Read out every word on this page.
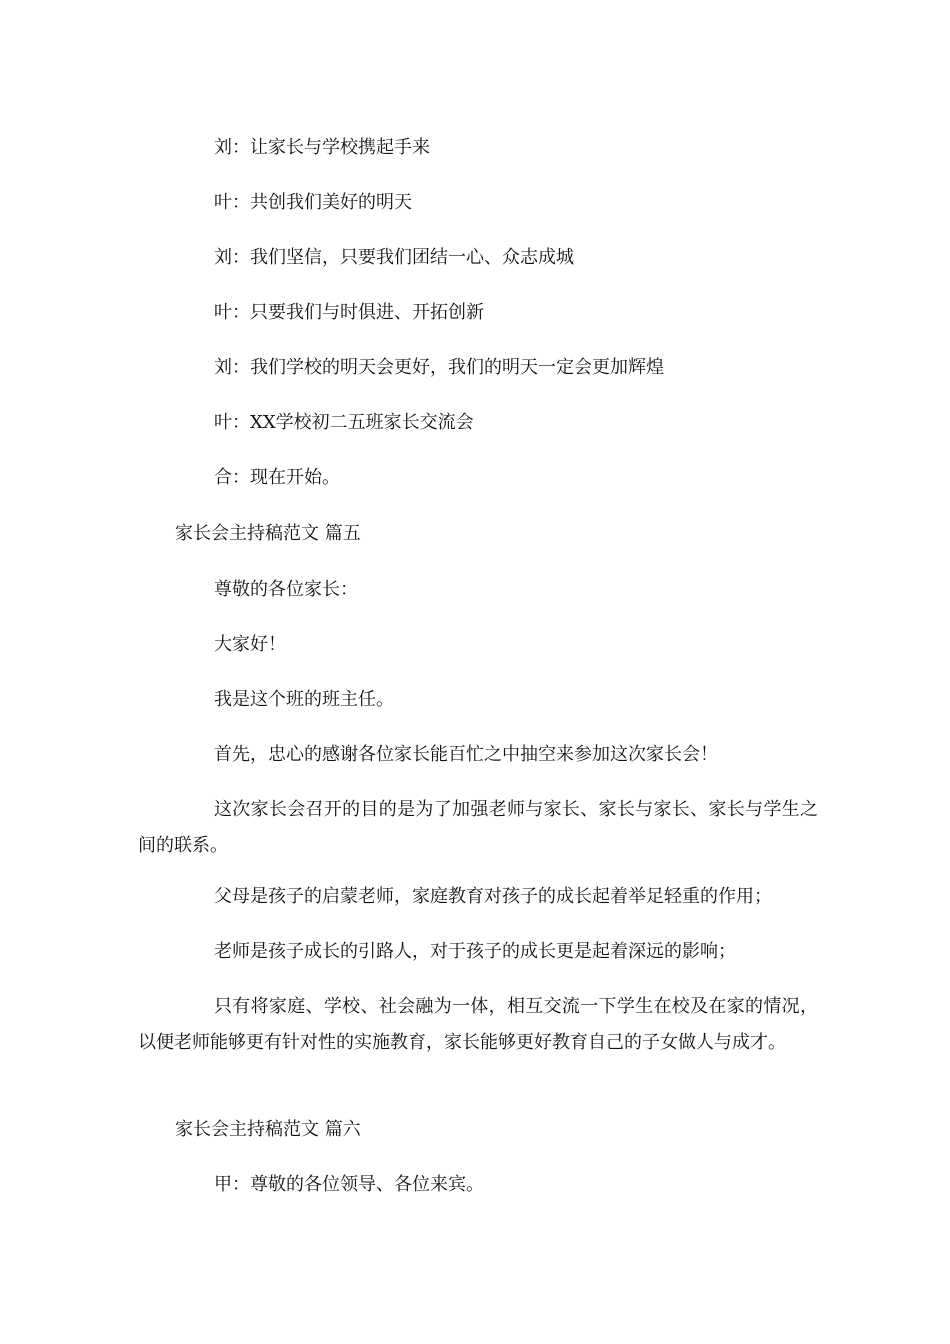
刘：让家长与学校携起手来

叶：共创我们美好的明天

刘：我们坚信，只要我们团结一心、众志成城

叶：只要我们与时俱进、开拓创新

刘：我们学校的明天会更好，我们的明天一定会更加辉煌

叶：XX学校初二五班家长交流会

合：现在开始。

家长会主持稿范文 篇五

尊敬的各位家长：

大家好！

我是这个班的班主任。

首先，忠心的感谢各位家长能百忙之中抽空来参加这次家长会！

这次家长会召开的目的是为了加强老师与家长、家长与家长、家长与学生之间的联系。

父母是孩子的启蒙老师，家庭教育对孩子的成长起着举足轻重的作用；

老师是孩子成长的引路人，对于孩子的成长更是起着深远的影响；

只有将家庭、学校、社会融为一体，相互交流一下学生在校及在家的情况，以便老师能够更有针对性的实施教育，家长能够更好教育自己的子女做人与成才。

家长会主持稿范文 篇六

甲：尊敬的各位领导、各位来宾。
